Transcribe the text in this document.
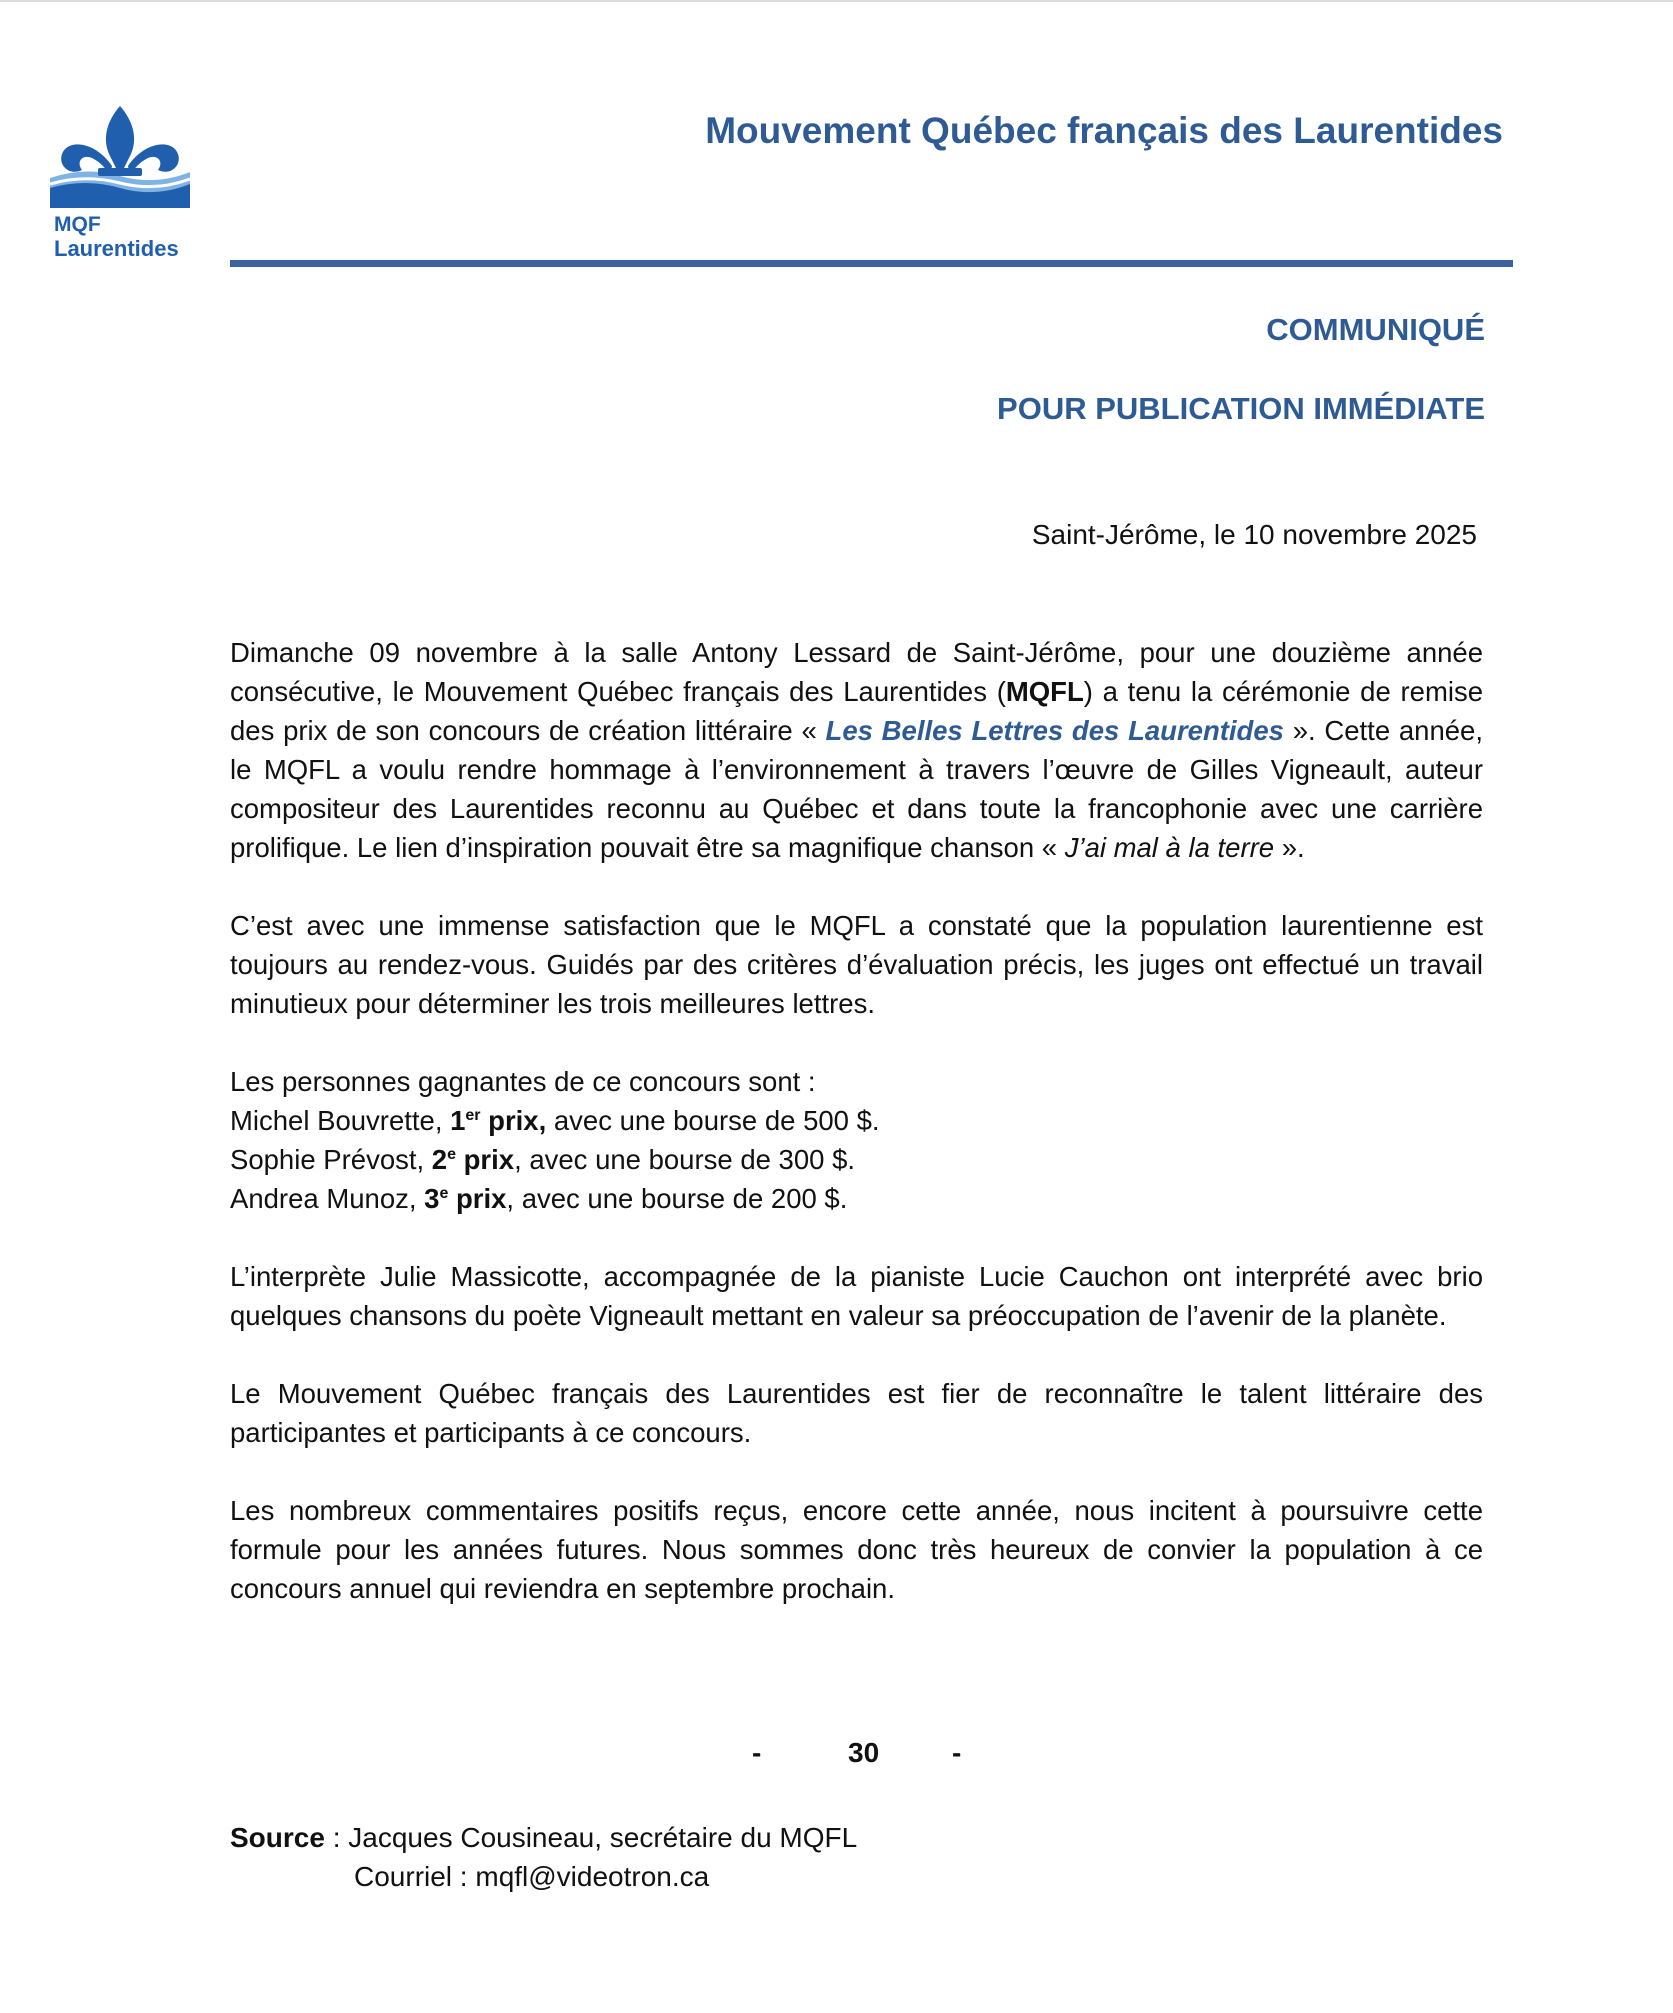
MQF
Laurentides
Mouvement Québec français des Laurentides
COMMUNIQUÉ
POUR PUBLICATION IMMÉDIATE
Saint-Jérôme, le 10 novembre 2025

Dimanche 09 novembre à la salle Antony Lessard de Saint-Jérôme, pour une douzième année consécutive, le Mouvement Québec français des Laurentides (MQFL) a tenu la cérémonie de remise des prix de son concours de création littéraire « Les Belles Lettres des Laurentides ». Cette année, le MQFL a voulu rendre hommage à l’environnement à travers l’œuvre de Gilles Vigneault, auteur compositeur des Laurentides reconnu au Québec et dans toute la francophonie avec une carrière prolifique. Le lien d’inspiration pouvait être sa magnifique chanson « J’ai mal à la terre ».

C’est avec une immense satisfaction que le MQFL a constaté que la population laurentienne est toujours au rendez-vous. Guidés par des critères d’évaluation précis, les juges ont effectué un travail minutieux pour déterminer les trois meilleures lettres.

Les personnes gagnantes de ce concours sont :
Michel Bouvrette, 1er prix, avec une bourse de 500 $.
Sophie Prévost, 2e prix, avec une bourse de 300 $.
Andrea Munoz, 3e prix, avec une bourse de 200 $.

L’interprète Julie Massicotte, accompagnée de la pianiste Lucie Cauchon ont interprété avec brio quelques chansons du poète Vigneault mettant en valeur sa préoccupation de l’avenir de la planète.

Le Mouvement Québec français des Laurentides est fier de reconnaître le talent littéraire des participantes et participants à ce concours.

Les nombreux commentaires positifs reçus, encore cette année, nous incitent à poursuivre cette formule pour les années futures. Nous sommes donc très heureux de convier la population à ce concours annuel qui reviendra en septembre prochain.

-	30	-
Source : Jacques Cousineau, secrétaire du MQFL
Courriel : mqfl@videotron.ca
